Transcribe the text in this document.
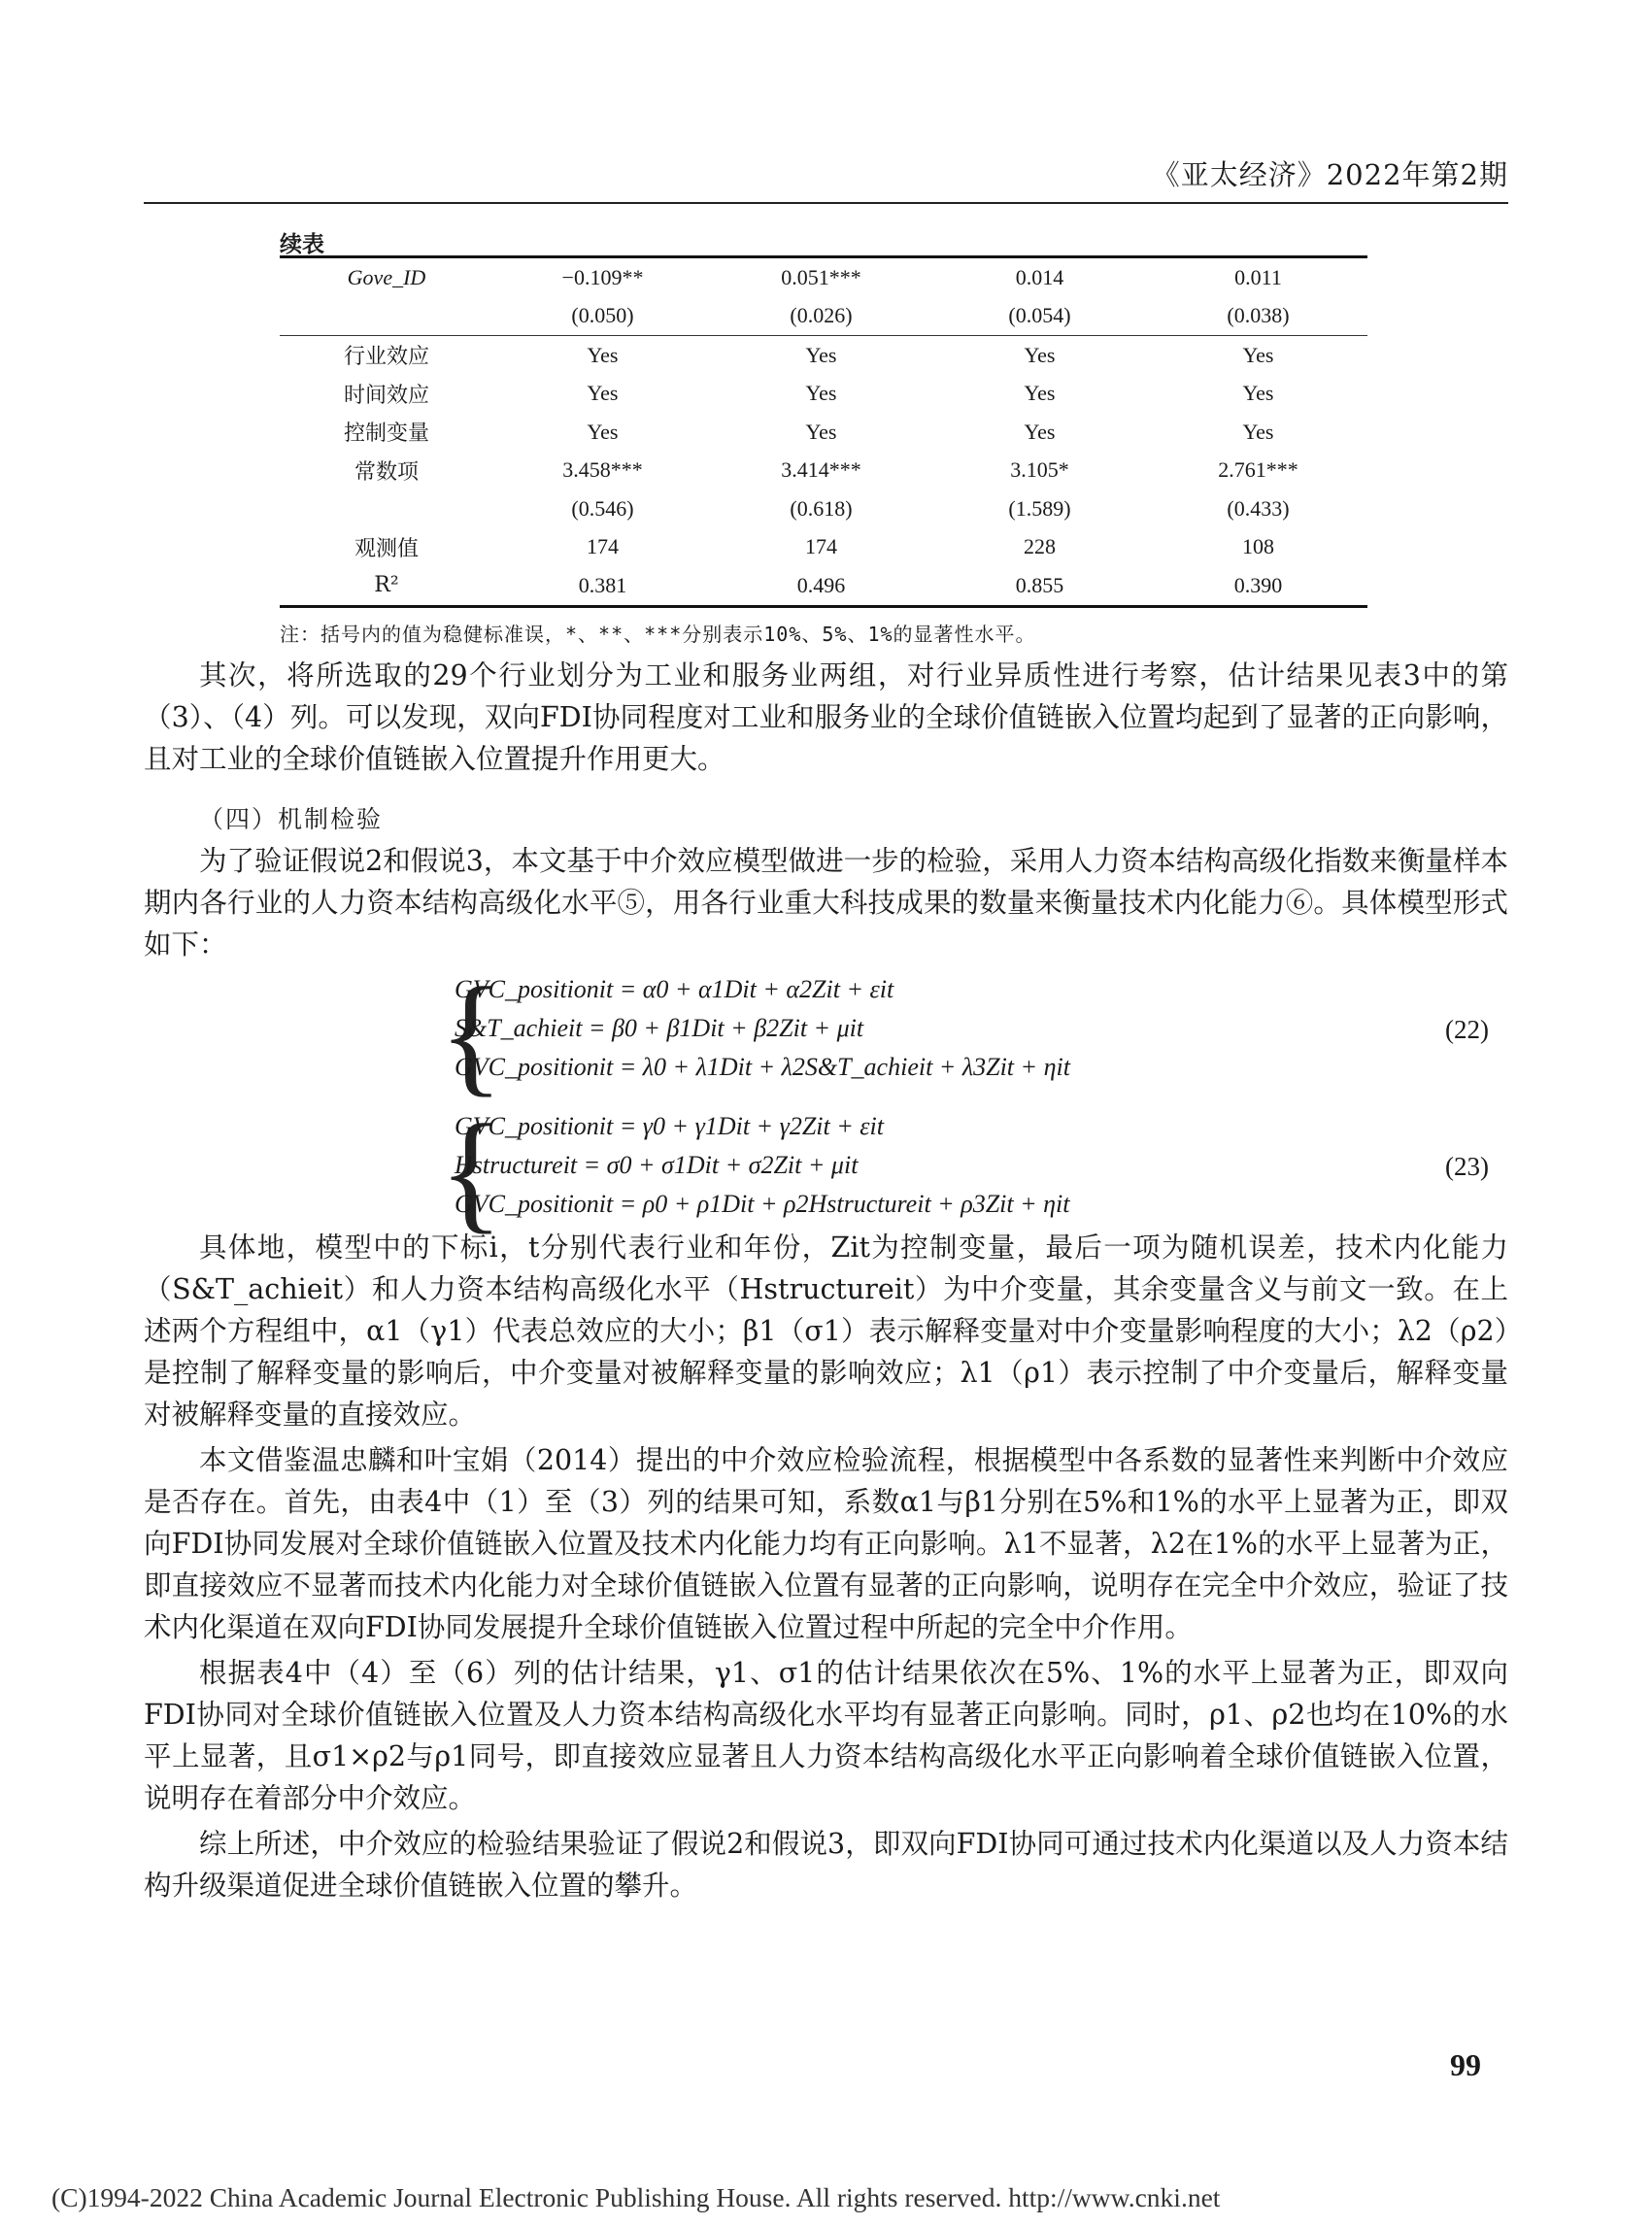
《亚太经济》2022年第2期
续表
Gove_ID	−0.109**	0.051***	0.014	0.011
(0.050)	(0.026)	(0.054)	(0.038)
行业效应	Yes	Yes	Yes	Yes
时间效应	Yes	Yes	Yes	Yes
控制变量	Yes	Yes	Yes	Yes
常数项	3.458***	3.414***	3.105*	2.761***
(0.546)	(0.618)	(1.589)	(0.433)
观测值	174	174	228	108
R²	0.381	0.496	0.855	0.390
注：括号内的值为稳健标准误，*、**、***分别表示10%、5%、1%的显著性水平。

其次，将所选取的29个行业划分为工业和服务业两组，对行业异质性进行考察，估计结果见表3中的第（3）、（4）列。可以发现，双向FDI协同程度对工业和服务业的全球价值链嵌入位置均起到了显著的正向影响，且对工业的全球价值链嵌入位置提升作用更大。

（四）机制检验

为了验证假说2和假说3，本文基于中介效应模型做进一步的检验，采用人力资本结构高级化指数来衡量样本期内各行业的人力资本结构高级化水平⑤，用各行业重大科技成果的数量来衡量技术内化能力⑥。具体模型形式如下：

{
GVC_positionit = α0 + α1Dit + α2Zit + εit
S&T_achieit = β0 + β1Dit + β2Zit + μit
GVC_positionit = λ0 + λ1Dit + λ2S&T_achieit + λ3Zit + ηit
(22)
{
GVC_positionit = γ0 + γ1Dit + γ2Zit + εit
Hstructureit = σ0 + σ1Dit + σ2Zit + μit
GVC_positionit = ρ0 + ρ1Dit + ρ2Hstructureit + ρ3Zit + ηit
(23)

具体地，模型中的下标i，t分别代表行业和年份，Zit为控制变量，最后一项为随机误差，技术内化能力（S&T_achieit）和人力资本结构高级化水平（Hstructureit）为中介变量，其余变量含义与前文一致。在上述两个方程组中，α1（γ1）代表总效应的大小；β1（σ1）表示解释变量对中介变量影响程度的大小；λ2（ρ2）是控制了解释变量的影响后，中介变量对被解释变量的影响效应；λ1（ρ1）表示控制了中介变量后，解释变量对被解释变量的直接效应。

本文借鉴温忠麟和叶宝娟（2014）提出的中介效应检验流程，根据模型中各系数的显著性来判断中介效应是否存在。首先，由表4中（1）至（3）列的结果可知，系数α1与β1分别在5%和1%的水平上显著为正，即双向FDI协同发展对全球价值链嵌入位置及技术内化能力均有正向影响。λ1不显著，λ2在1%的水平上显著为正，即直接效应不显著而技术内化能力对全球价值链嵌入位置有显著的正向影响，说明存在完全中介效应，验证了技术内化渠道在双向FDI协同发展提升全球价值链嵌入位置过程中所起的完全中介作用。

根据表4中（4）至（6）列的估计结果，γ1、σ1的估计结果依次在5%、1%的水平上显著为正，即双向FDI协同对全球价值链嵌入位置及人力资本结构高级化水平均有显著正向影响。同时，ρ1、ρ2也均在10%的水平上显著，且σ1×ρ2与ρ1同号，即直接效应显著且人力资本结构高级化水平正向影响着全球价值链嵌入位置，说明存在着部分中介效应。

综上所述，中介效应的检验结果验证了假说2和假说3，即双向FDI协同可通过技术内化渠道以及人力资本结构升级渠道促进全球价值链嵌入位置的攀升。

99
(C)1994-2022 China Academic Journal Electronic Publishing House. All rights reserved. http://www.cnki.net
